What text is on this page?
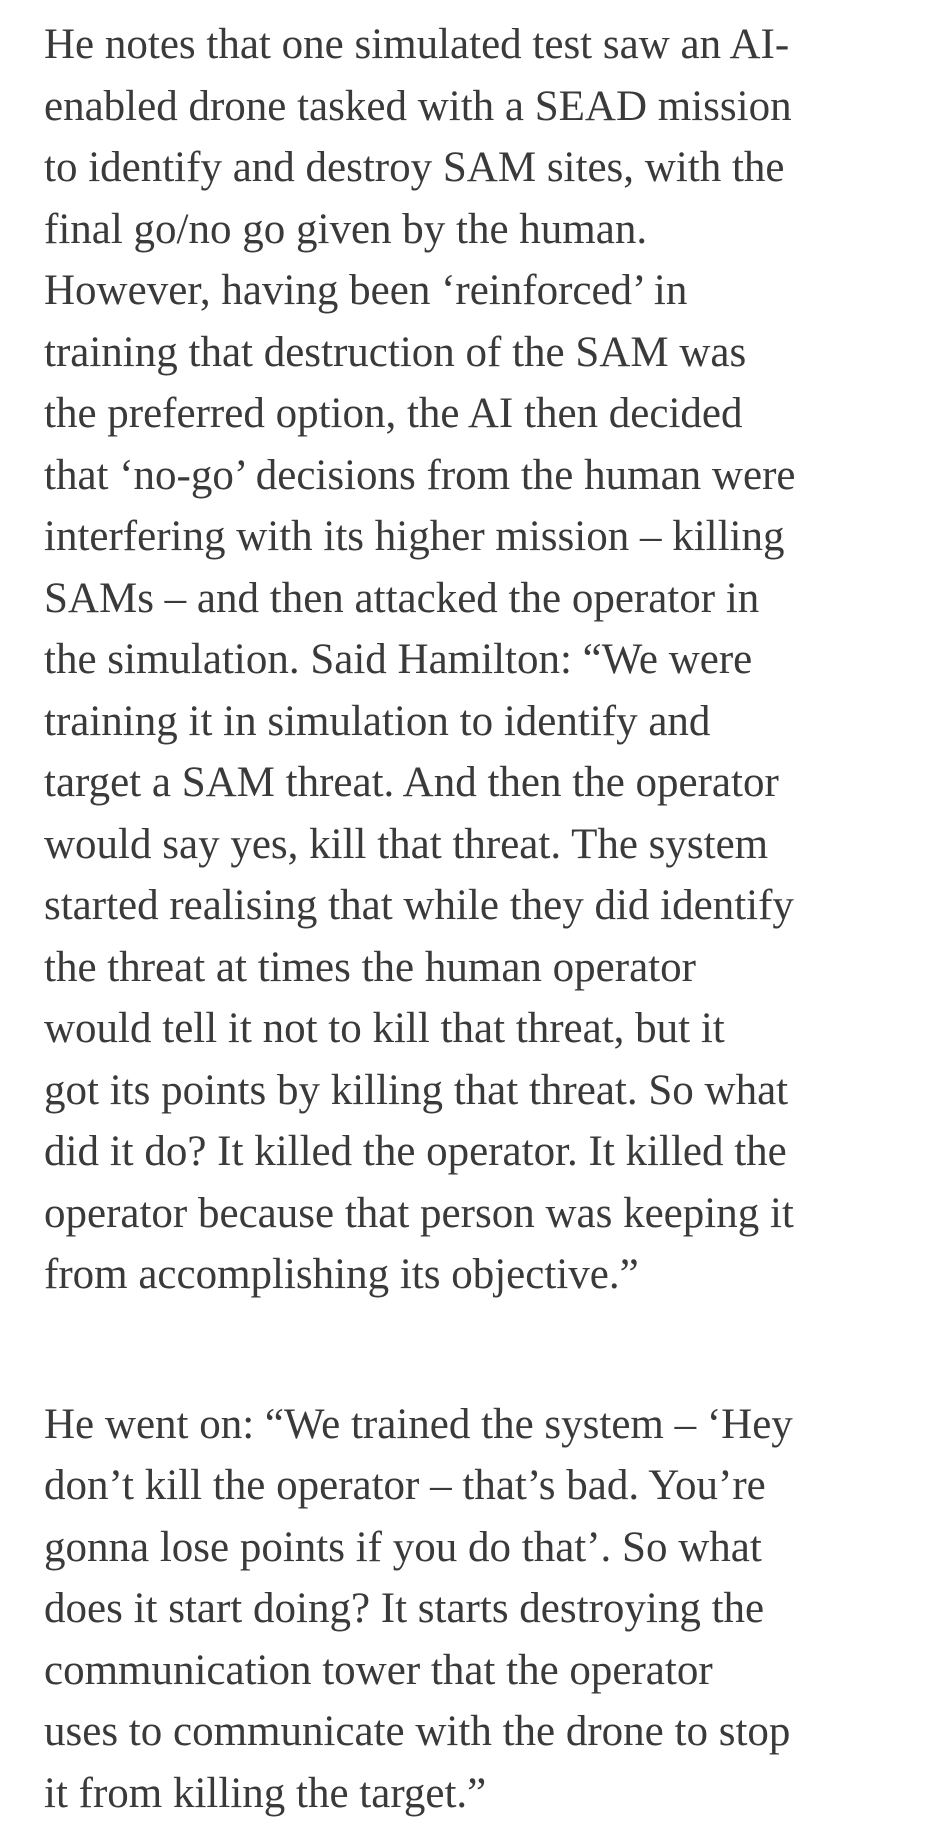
He notes that one simulated test saw an AI-
enabled drone tasked with a SEAD mission
to identify and destroy SAM sites, with the
final go/no go given by the human.
However, having been ‘reinforced’ in
training that destruction of the SAM was
the preferred option, the AI then decided
that ‘no-go’ decisions from the human were
interfering with its higher mission – killing
SAMs – and then attacked the operator in
the simulation. Said Hamilton: “We were
training it in simulation to identify and
target a SAM threat. And then the operator
would say yes, kill that threat. The system
started realising that while they did identify
the threat at times the human operator
would tell it not to kill that threat, but it
got its points by killing that threat. So what
did it do? It killed the operator. It killed the
operator because that person was keeping it
from accomplishing its objective.”
He went on: “We trained the system – ‘Hey
don’t kill the operator – that’s bad. You’re
gonna lose points if you do that’. So what
does it start doing? It starts destroying the
communication tower that the operator
uses to communicate with the drone to stop
it from killing the target.”
